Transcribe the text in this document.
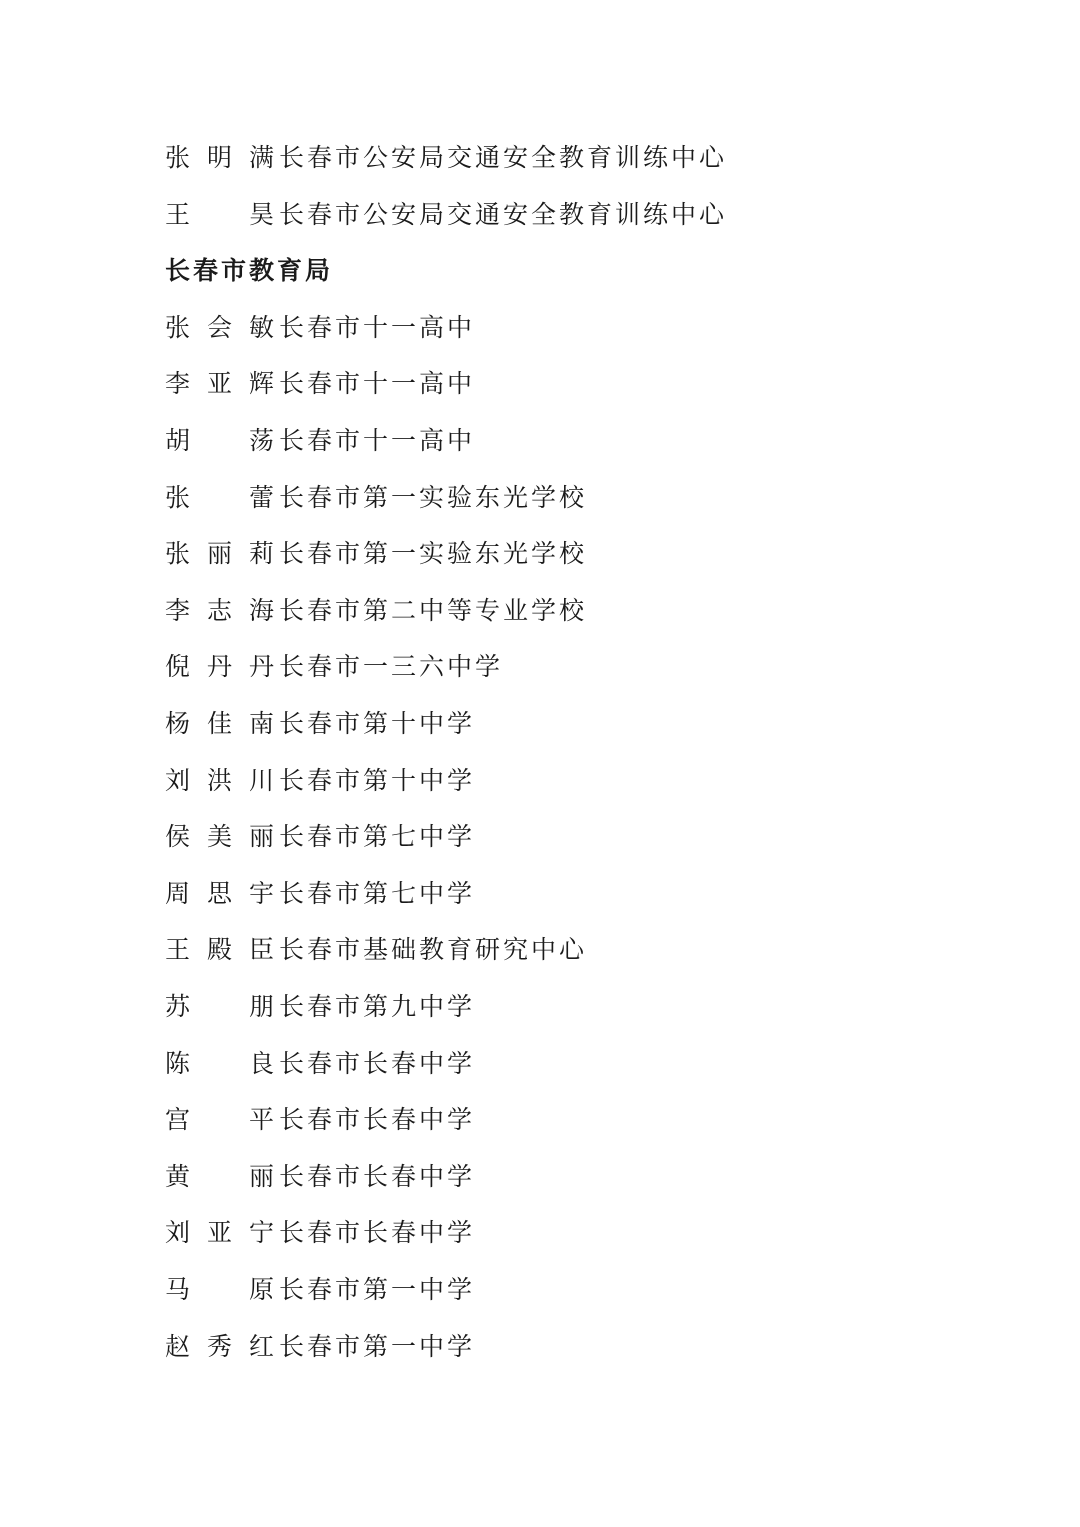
张 明 满 长春市公安局交通安全教育训练中心
王 昊 长春市公安局交通安全教育训练中心
长春市教育局
张 会 敏 长春市十一高中
李 亚 辉 长春市十一高中
胡 荡 长春市十一高中
张 蕾 长春市第一实验东光学校
张 丽 莉 长春市第一实验东光学校
李 志 海 长春市第二中等专业学校
倪 丹 丹 长春市一三六中学
杨 佳 南 长春市第十中学
刘 洪 川 长春市第十中学
侯 美 丽 长春市第七中学
周 思 宇 长春市第七中学
王 殿 臣 长春市基础教育研究中心
苏 朋 长春市第九中学
陈 良 长春市长春中学
宫 平 长春市长春中学
黄 丽 长春市长春中学
刘 亚 宁 长春市长春中学
马 原 长春市第一中学
赵 秀 红 长春市第一中学
